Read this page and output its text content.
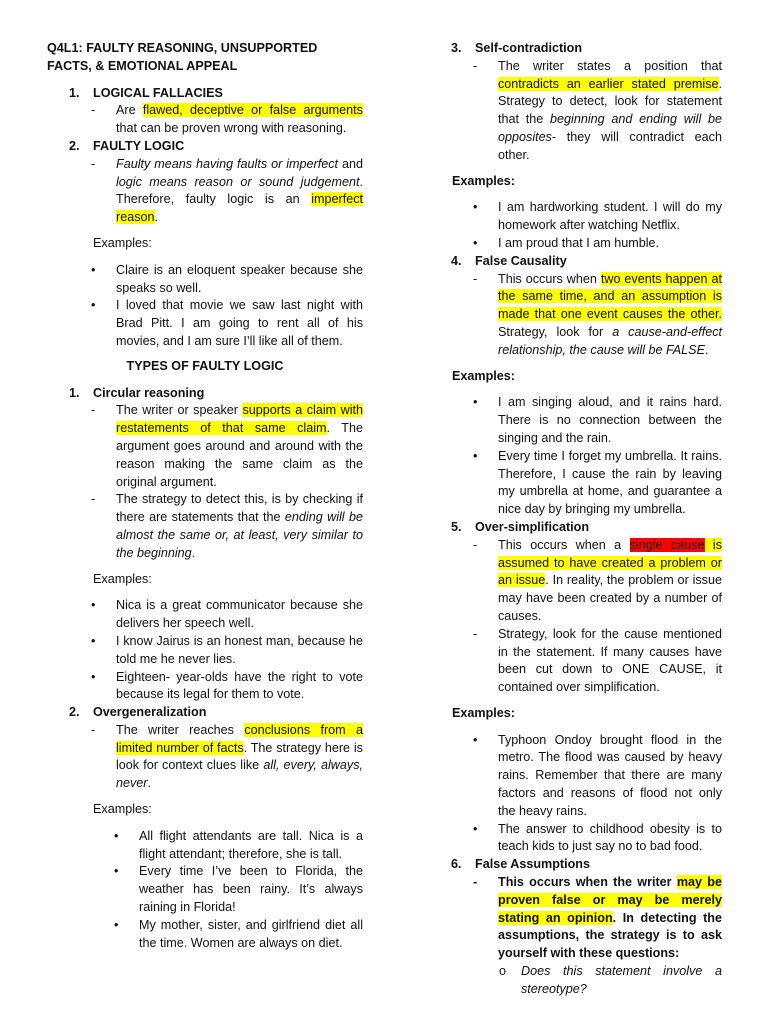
Q4L1: FAULTY REASONING, UNSUPPORTED FACTS, & EMOTIONAL APPEAL

1. LOGICAL FALLACIES

- Are flawed, deceptive or false arguments that can be proven wrong with reasoning.

2. FAULTY LOGIC

- Faulty means having faults or imperfect and logic means reason or sound judgement. Therefore, faulty logic is an imperfect reason.

Examples:

• Claire is an eloquent speaker because she speaks so well.

• I loved that movie we saw last night with Brad Pitt. I am going to rent all of his movies, and I am sure I’ll like all of them.

TYPES OF FAULTY LOGIC

1. Circular reasoning

- The writer or speaker supports a claim with restatements of that same claim. The argument goes around and around with the reason making the same claim as the original argument.

- The strategy to detect this, is by checking if there are statements that the ending will be almost the same or, at least, very similar to the beginning.

Examples:

• Nica is a great communicator because she delivers her speech well.

• I know Jairus is an honest man, because he told me he never lies.

• Eighteen- year-olds have the right to vote because its legal for them to vote.

2. Overgeneralization

- The writer reaches conclusions from a limited number of facts. The strategy here is look for context clues like all, every, always, never.

Examples:

• All flight attendants are tall. Nica is a flight attendant; therefore, she is tall.

• Every time I’ve been to Florida, the weather has been rainy. It’s always raining in Florida!

• My mother, sister, and girlfriend diet all the time. Women are always on diet.

3. Self-contradiction

- The writer states a position that contradicts an earlier stated premise. Strategy to detect, look for statement that the beginning and ending will be opposites- they will contradict each other.

Examples:

• I am hardworking student. I will do my homework after watching Netflix.

• I am proud that I am humble.

4. False Causality

- This occurs when two events happen at the same time, and an assumption is made that one event causes the other. Strategy, look for a cause-and-effect relationship, the cause will be FALSE.

Examples:

• I am singing aloud, and it rains hard. There is no connection between the singing and the rain.

• Every time I forget my umbrella. It rains. Therefore, I cause the rain by leaving my umbrella at home, and guarantee a nice day by bringing my umbrella.

5. Over-simplification

- This occurs when a single cause is assumed to have created a problem or an issue. In reality, the problem or issue may have been created by a number of causes.

- Strategy, look for the cause mentioned in the statement. If many causes have been cut down to ONE CAUSE, it contained over simplification.

Examples:

• Typhoon Ondoy brought flood in the metro. The flood was caused by heavy rains. Remember that there are many factors and reasons of flood not only the heavy rains.

• The answer to childhood obesity is to teach kids to just say no to bad food.

6. False Assumptions

- This occurs when the writer may be proven false or may be merely stating an opinion. In detecting the assumptions, the strategy is to ask yourself with these questions:

o Does this statement involve a stereotype?
